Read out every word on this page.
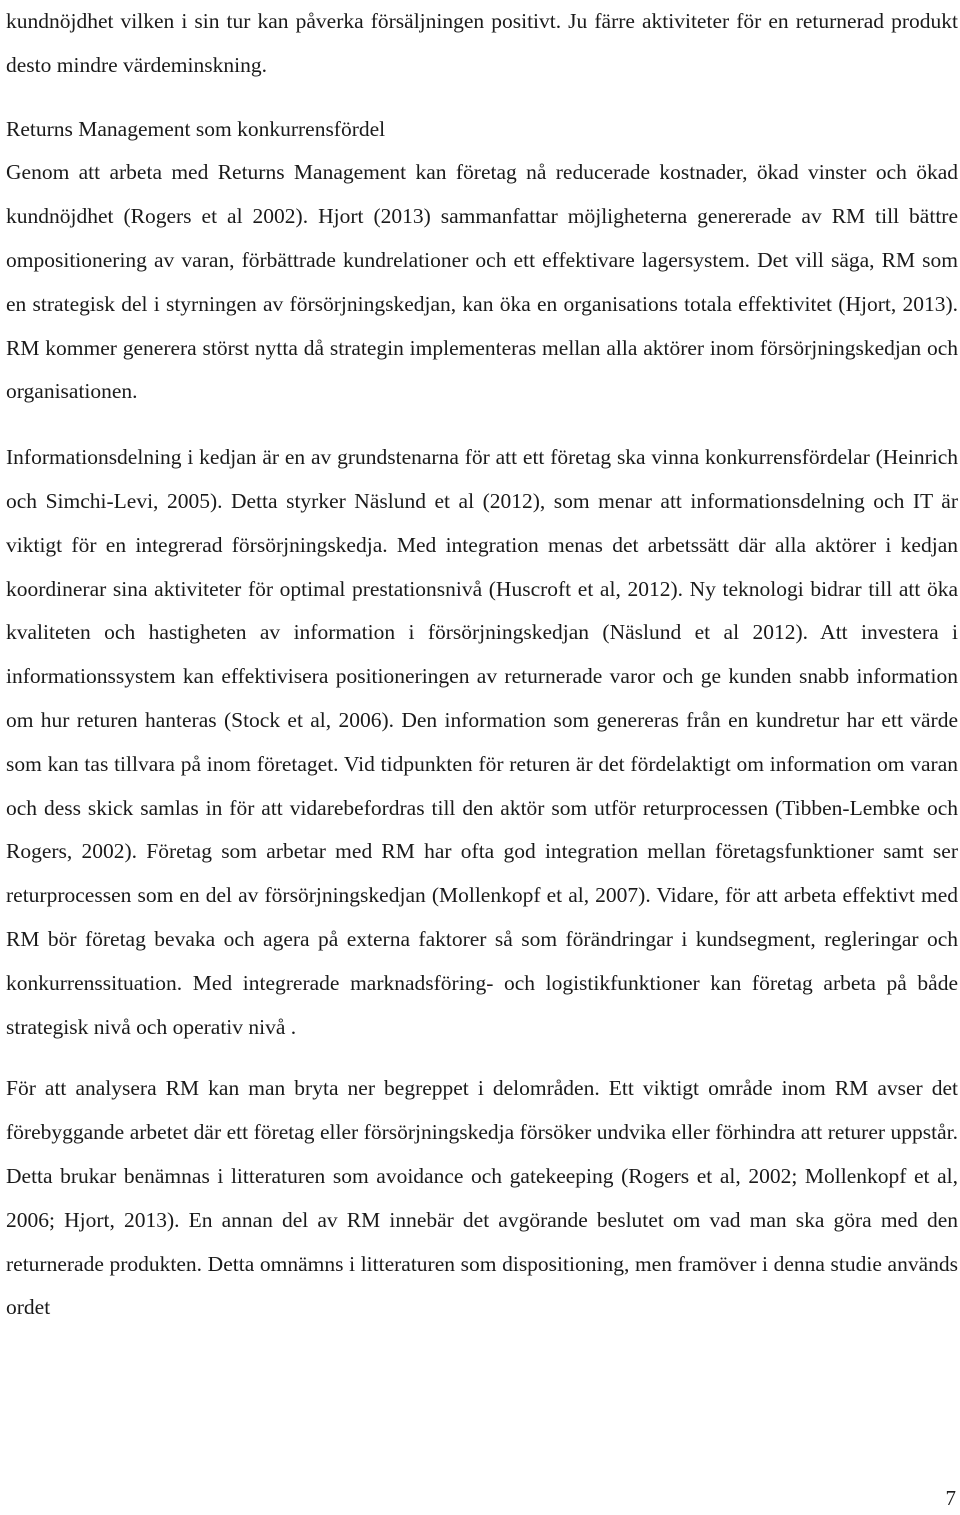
kundnöjdhet vilken i sin tur kan påverka försäljningen positivt. Ju färre aktiviteter för en returnerad produkt desto mindre värdeminskning.

Returns Management som konkurrensfördel

Genom att arbeta med Returns Management kan företag nå reducerade kostnader, ökad vinster och ökad kundnöjdhet (Rogers et al 2002). Hjort (2013) sammanfattar möjligheterna genererade av RM till bättre ompositionering av varan, förbättrade kundrelationer och ett effektivare lagersystem. Det vill säga, RM som en strategisk del i styrningen av försörjningskedjan, kan öka en organisations totala effektivitet (Hjort, 2013). RM kommer generera störst nytta då strategin implementeras mellan alla aktörer inom försörjningskedjan och organisationen.

Informationsdelning i kedjan är en av grundstenarna för att ett företag ska vinna konkurrensfördelar (Heinrich och Simchi-Levi, 2005). Detta styrker Näslund et al (2012), som menar att informationsdelning och IT är viktigt för en integrerad försörjningskedja. Med integration menas det arbetssätt där alla aktörer i kedjan koordinerar sina aktiviteter för optimal prestationsnivå (Huscroft et al, 2012). Ny teknologi bidrar till att öka kvaliteten och hastigheten av information i försörjningskedjan (Näslund et al 2012). Att investera i informationssystem kan effektivisera positioneringen av returnerade varor och ge kunden snabb information om hur returen hanteras (Stock et al, 2006). Den information som genereras från en kundretur har ett värde som kan tas tillvara på inom företaget. Vid tidpunkten för returen är det fördelaktigt om information om varan och dess skick samlas in för att vidarebefordras till den aktör som utför returprocessen (Tibben-Lembke och Rogers, 2002). Företag som arbetar med RM har ofta god integration mellan företagsfunktioner samt ser returprocessen som en del av försörjningskedjan (Mollenkopf et al, 2007). Vidare, för att arbeta effektivt med RM bör företag bevaka och agera på externa faktorer så som förändringar i kundsegment, regleringar och konkurrenssituation. Med integrerade marknadsföring- och logistikfunktioner kan företag arbeta på både strategisk nivå och operativ nivå .

För att analysera RM kan man bryta ner begreppet i delområden. Ett viktigt område inom RM avser det förebyggande arbetet där ett företag eller försörjningskedja försöker undvika eller förhindra att returer uppstår. Detta brukar benämnas i litteraturen som avoidance och gatekeeping (Rogers et al, 2002; Mollenkopf et al, 2006; Hjort, 2013). En annan del av RM innebär det avgörande beslutet om vad man ska göra med den returnerade produkten. Detta omnämns i litteraturen som dispositioning, men framöver i denna studie används ordet

7
